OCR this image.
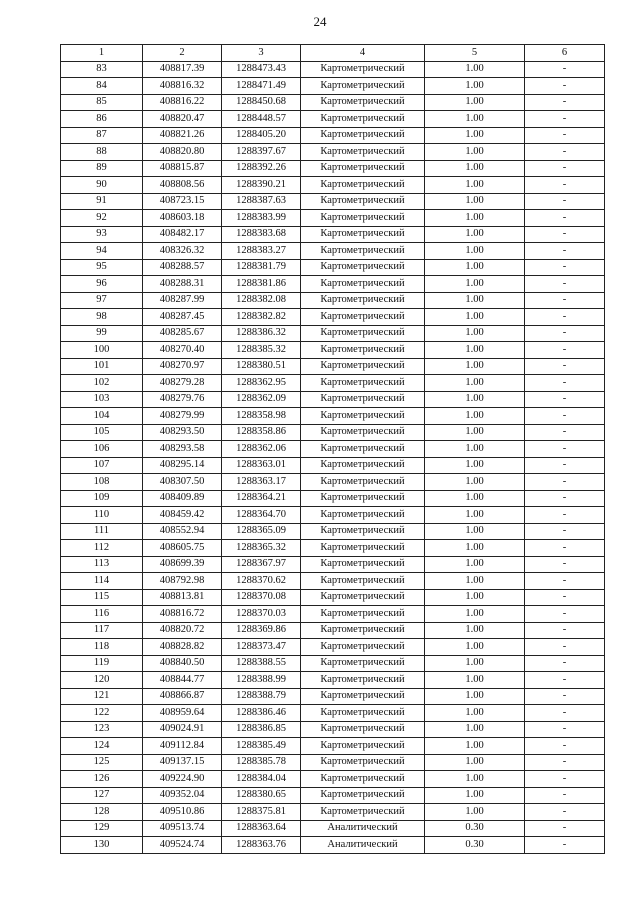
24
1	2	3	4	5	6
83	408817.39	1288473.43	Картометрический	1.00	-
84	408816.32	1288471.49	Картометрический	1.00	-
85	408816.22	1288450.68	Картометрический	1.00	-
86	408820.47	1288448.57	Картометрический	1.00	-
87	408821.26	1288405.20	Картометрический	1.00	-
88	408820.80	1288397.67	Картометрический	1.00	-
89	408815.87	1288392.26	Картометрический	1.00	-
90	408808.56	1288390.21	Картометрический	1.00	-
91	408723.15	1288387.63	Картометрический	1.00	-
92	408603.18	1288383.99	Картометрический	1.00	-
93	408482.17	1288383.68	Картометрический	1.00	-
94	408326.32	1288383.27	Картометрический	1.00	-
95	408288.57	1288381.79	Картометрический	1.00	-
96	408288.31	1288381.86	Картометрический	1.00	-
97	408287.99	1288382.08	Картометрический	1.00	-
98	408287.45	1288382.82	Картометрический	1.00	-
99	408285.67	1288386.32	Картометрический	1.00	-
100	408270.40	1288385.32	Картометрический	1.00	-
101	408270.97	1288380.51	Картометрический	1.00	-
102	408279.28	1288362.95	Картометрический	1.00	-
103	408279.76	1288362.09	Картометрический	1.00	-
104	408279.99	1288358.98	Картометрический	1.00	-
105	408293.50	1288358.86	Картометрический	1.00	-
106	408293.58	1288362.06	Картометрический	1.00	-
107	408295.14	1288363.01	Картометрический	1.00	-
108	408307.50	1288363.17	Картометрический	1.00	-
109	408409.89	1288364.21	Картометрический	1.00	-
110	408459.42	1288364.70	Картометрический	1.00	-
111	408552.94	1288365.09	Картометрический	1.00	-
112	408605.75	1288365.32	Картометрический	1.00	-
113	408699.39	1288367.97	Картометрический	1.00	-
114	408792.98	1288370.62	Картометрический	1.00	-
115	408813.81	1288370.08	Картометрический	1.00	-
116	408816.72	1288370.03	Картометрический	1.00	-
117	408820.72	1288369.86	Картометрический	1.00	-
118	408828.82	1288373.47	Картометрический	1.00	-
119	408840.50	1288388.55	Картометрический	1.00	-
120	408844.77	1288388.99	Картометрический	1.00	-
121	408866.87	1288388.79	Картометрический	1.00	-
122	408959.64	1288386.46	Картометрический	1.00	-
123	409024.91	1288386.85	Картометрический	1.00	-
124	409112.84	1288385.49	Картометрический	1.00	-
125	409137.15	1288385.78	Картометрический	1.00	-
126	409224.90	1288384.04	Картометрический	1.00	-
127	409352.04	1288380.65	Картометрический	1.00	-
128	409510.86	1288375.81	Картометрический	1.00	-
129	409513.74	1288363.64	Аналитический	0.30	-
130	409524.74	1288363.76	Аналитический	0.30	-
